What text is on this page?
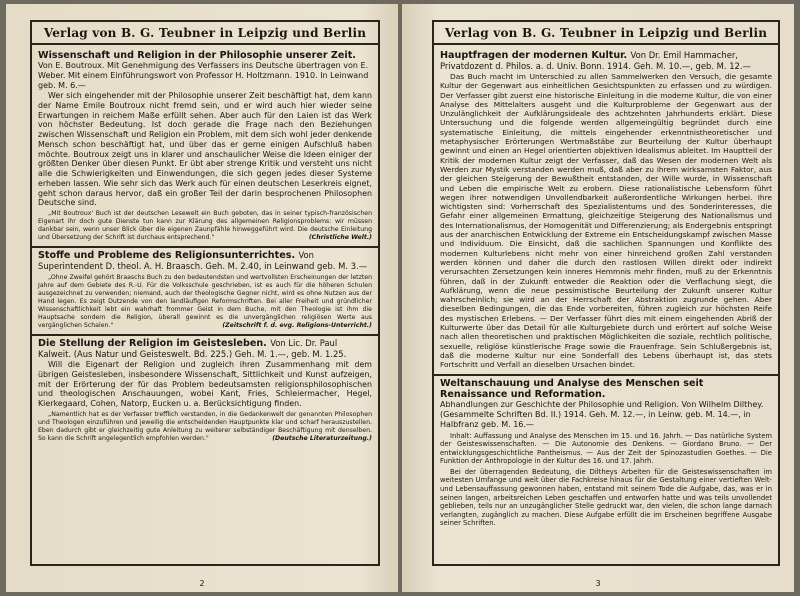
Verlag von B. G. Teubner in Leipzig und Berlin

Wissenschaft und Religion in der Philosophie unserer Zeit.

Von E. Boutroux. Mit Genehmigung des Verfassers ins Deutsche übertragen von E. Weber. Mit einem Einführungswort von Professor H. Holtzmann. 1910. In Leinwand geb. M. 6.—

Wer sich eingehender mit der Philosophie unserer Zeit beschäftigt hat, dem kann der Name Emile Boutroux nicht fremd sein, und er wird auch hier wieder seine Erwartungen in reichem Maße erfüllt sehen. Aber auch für den Laien ist das Werk von höchster Bedeutung. Ist doch gerade die Frage nach den Beziehungen zwischen Wissenschaft und Religion ein Problem, mit dem sich wohl jeder denkende Mensch schon beschäftigt hat, und über das er gerne einigen Aufschluß haben möchte. Boutroux zeigt uns in klarer und anschaulicher Weise die Ideen einiger der größten Denker über diesen Punkt. Er übt aber strenge Kritik und versteht uns nicht alle die Schwierigkeiten und Einwendungen, die sich gegen jedes dieser Systeme erheben lassen. Wie sehr sich das Werk auch für einen deutschen Leserkreis eignet, geht schon daraus hervor, daß ein großer Teil der darin besprochenen Philosophen Deutsche sind.

„Mit Boutroux' Buch ist der deutschen Lesewelt ein Buch geboten, das in seiner typisch-französischen Eigenart ihr doch gute Dienste tun kann zur Klärung des allgemeinen Religionsproblems: wir müssen dankbar sein, wenn unser Blick über die eigenen Zaunpfähle hinweggeführt wird. Die deutsche Einleitung und Übersetzung der Schrift ist durchaus entsprechend."	(Christliche Welt.)

Stoffe und Probleme des Religionsunterrichtes. Von Superintendent D. theol. A. H. Braasch. Geh. M. 2.40, in Leinwand geb. M. 3.—

„Ohne Zweifel gehört Braaschs Buch zu den bedeutendsten und wertvollsten Erscheinungen der letzten Jahre auf dem Gebiete des R.-U. Für die Volksschule geschrieben, ist es auch für die höheren Schulen ausgezeichnet zu verwenden; niemand, auch der theologische Gegner nicht, wird es ohne Nutzen aus der Hand legen. Es zeigt Dutzende von den landläufigen Reformschriften. Bei aller Freiheit und gründlicher Wissenschaftlichkeit lebt ein wahrhaft frommer Geist in dem Buche, mit den Theologie ist ihm die Hauptsache sondern die Religion, überall gewinnt es die unvergänglichen religiösen Werte aus vergänglichen Schalen."	(Zeitschrift f. d. evg. Religions-Unterricht.)

Die Stellung der Religion im Geistesleben. Von Lic. Dr. Paul Kalweit. (Aus Natur und Geisteswelt. Bd. 225.) Geh. M. 1.—, geb. M. 1.25.

Will die Eigenart der Religion und zugleich ihren Zusammenhang mit dem übrigen Geistesleben, insbesondere Wissenschaft, Sittlichkeit und Kunst aufzeigen, mit der Erörterung der für das Problem bedeutsamsten religionsphilosophischen und theologischen Anschauungen, wobei Kant, Fries, Schleiermacher, Hegel, Kierkegaard, Cohen, Natorp, Eucken u. a. Berücksichtigung finden.

„Namentlich hat es der Verfasser trefflich verstanden, in die Gedankenwelt der genannten Philosophen und Theologen einzuführen und jeweilig die entscheidenden Hauptpunkte klar und scharf herauszustellen. Eben dadurch gibt er gleichzeitig gute Anleitung zu weiterer selbständiger Beschäftigung mit denselben. So kann die Schrift angelegentlich empfohlen werden."	(Deutsche Literaturzeitung.)

2
Verlag von B. G. Teubner in Leipzig und Berlin

Hauptfragen der modernen Kultur. Von Dr. Emil Hammacher, Privatdozent d. Philos. a. d. Univ. Bonn. 1914. Geh. M. 10.—, geb. M. 12.—

Das Buch macht im Unterschied zu allen Sammelwerken den Versuch, die gesamte Kultur der Gegenwart aus einheitlichen Gesichtspunkten zu erfassen und zu würdigen. Der Verfasser gibt zuerst eine historische Einleitung in die moderne Kultur, die von einer Analyse des Mittelalters ausgeht und die Kulturprobleme der Gegenwart aus der Unzulänglichkeit der Aufklärungsideale des achtzehnten Jahrhunderts erklärt. Diese Untersuchung und die folgende werden allgemeingültig begründet durch eine systematische Einleitung, die mittels eingehender erkenntnistheoretischer und metaphysischer Erörterungen Wertmaßstäbe zur Beurteilung der Kultur überhaupt gewinnt und einen an Hegel orientierten objektiven Idealismus ableitet. Im Hauptteil der Kritik der modernen Kultur zeigt der Verfasser, daß das Wesen der modernen Welt als Werden zur Mystik verstanden werden muß, daß aber zu ihrem wirksamsten Faktor, aus der gleichen Steigerung der Bewußtheit entstanden, der Wille wurde, in Wissenschaft und Leben die empirische Welt zu erobern. Diese rationalistische Lebensform führt wegen ihrer notwendigen Unvollendbarkeit außerordentliche Wirkungen herbei. Ihre wichtigsten sind: Vorherrschaft des Spezialistentums und des Sonderinteresses, die Gefahr einer allgemeinen Ermattung, gleichzeitige Steigerung des Nationalismus und des Internationalismus, der Homogenität und Differenzierung; als Endergebnis entspringt aus der anarchischen Entwicklung der Extreme ein Entscheidungskampf zwischen Masse und Individuum. Die Einsicht, daß die sachlichen Spannungen und Konflikte des modernen Kulturlebens nicht mehr von einer hinreichend großen Zahl verstanden werden können und daher die durch den rastlosen Willen direkt oder indirekt verursachten Zersetzungen kein inneres Hemmnis mehr finden, muß zu der Erkenntnis führen, daß in der Zukunft entweder die Reaktion oder die Verflachung siegt, die Aufklärung, wenn die neue pessimistische Beurteilung der Zukunft unserer Kultur wahrscheinlich; sie wird an der Herrschaft der Abstraktion zugrunde gehen. Aber dieselben Bedingungen, die das Ende vorbereiten, führen zugleich zur höchsten Reife des mystischen Erlebens. — Der Verfasser führt dies mit einem eingehenden Abriß der Kulturwerte über das Detail für alle Kulturgebiete durch und erörtert auf solche Weise nach allen theoretischen und praktischen Möglichkeiten die soziale, rechtlich politische, sexuelle, religiöse künstlerische Frage sowie die Frauenfrage. Sein Schlußergebnis ist, daß die moderne Kultur nur eine Sonderfall des Lebens überhaupt ist, das stets Fortschritt und Verfall an dieselben Ursachen bindet.

Weltanschauung und Analyse des Menschen seit Renaissance und Reformation.

Abhandlungen zur Geschichte der Philosophie und Religion. Von Wilhelm Dilthey. (Gesammelte Schriften Bd. II.) 1914. Geh. M. 12.—, in Leinw. geb. M. 14.—, in Halbfranz geb. M. 16.—

Inhalt: Auffassung und Analyse des Menschen im 15. und 16. Jahrh. — Das natürliche System der Geisteswissenschaften. — Die Autonomie des Denkens. — Giordano Bruno. — Der entwicklungsgeschichtliche Pantheismus. — Aus der Zeit der Spinozastudien Goethes. — Die Funktion der Anthropologie in der Kultur des 16. und 17. Jahrh.

Bei der überragenden Bedeutung, die Diltheys Arbeiten für die Geisteswissenschaften im weitesten Umfange und weit über die Fachkreise hinaus für die Gestaltung einer vertieften Welt- und Lebensauffassung gewonnen haben, entstand mit seinem Tode die Aufgabe, das, was er in seinen langen, arbeitsreichen Leben geschaffen und entworfen hatte und was teils unvollendet geblieben, teils nur an unzugänglicher Stelle gedruckt war, den vielen, die schon lange darnach verlangten, zugänglich zu machen. Diese Aufgabe erfüllt die im Erscheinen begriffene Ausgabe seiner Schriften.

3
